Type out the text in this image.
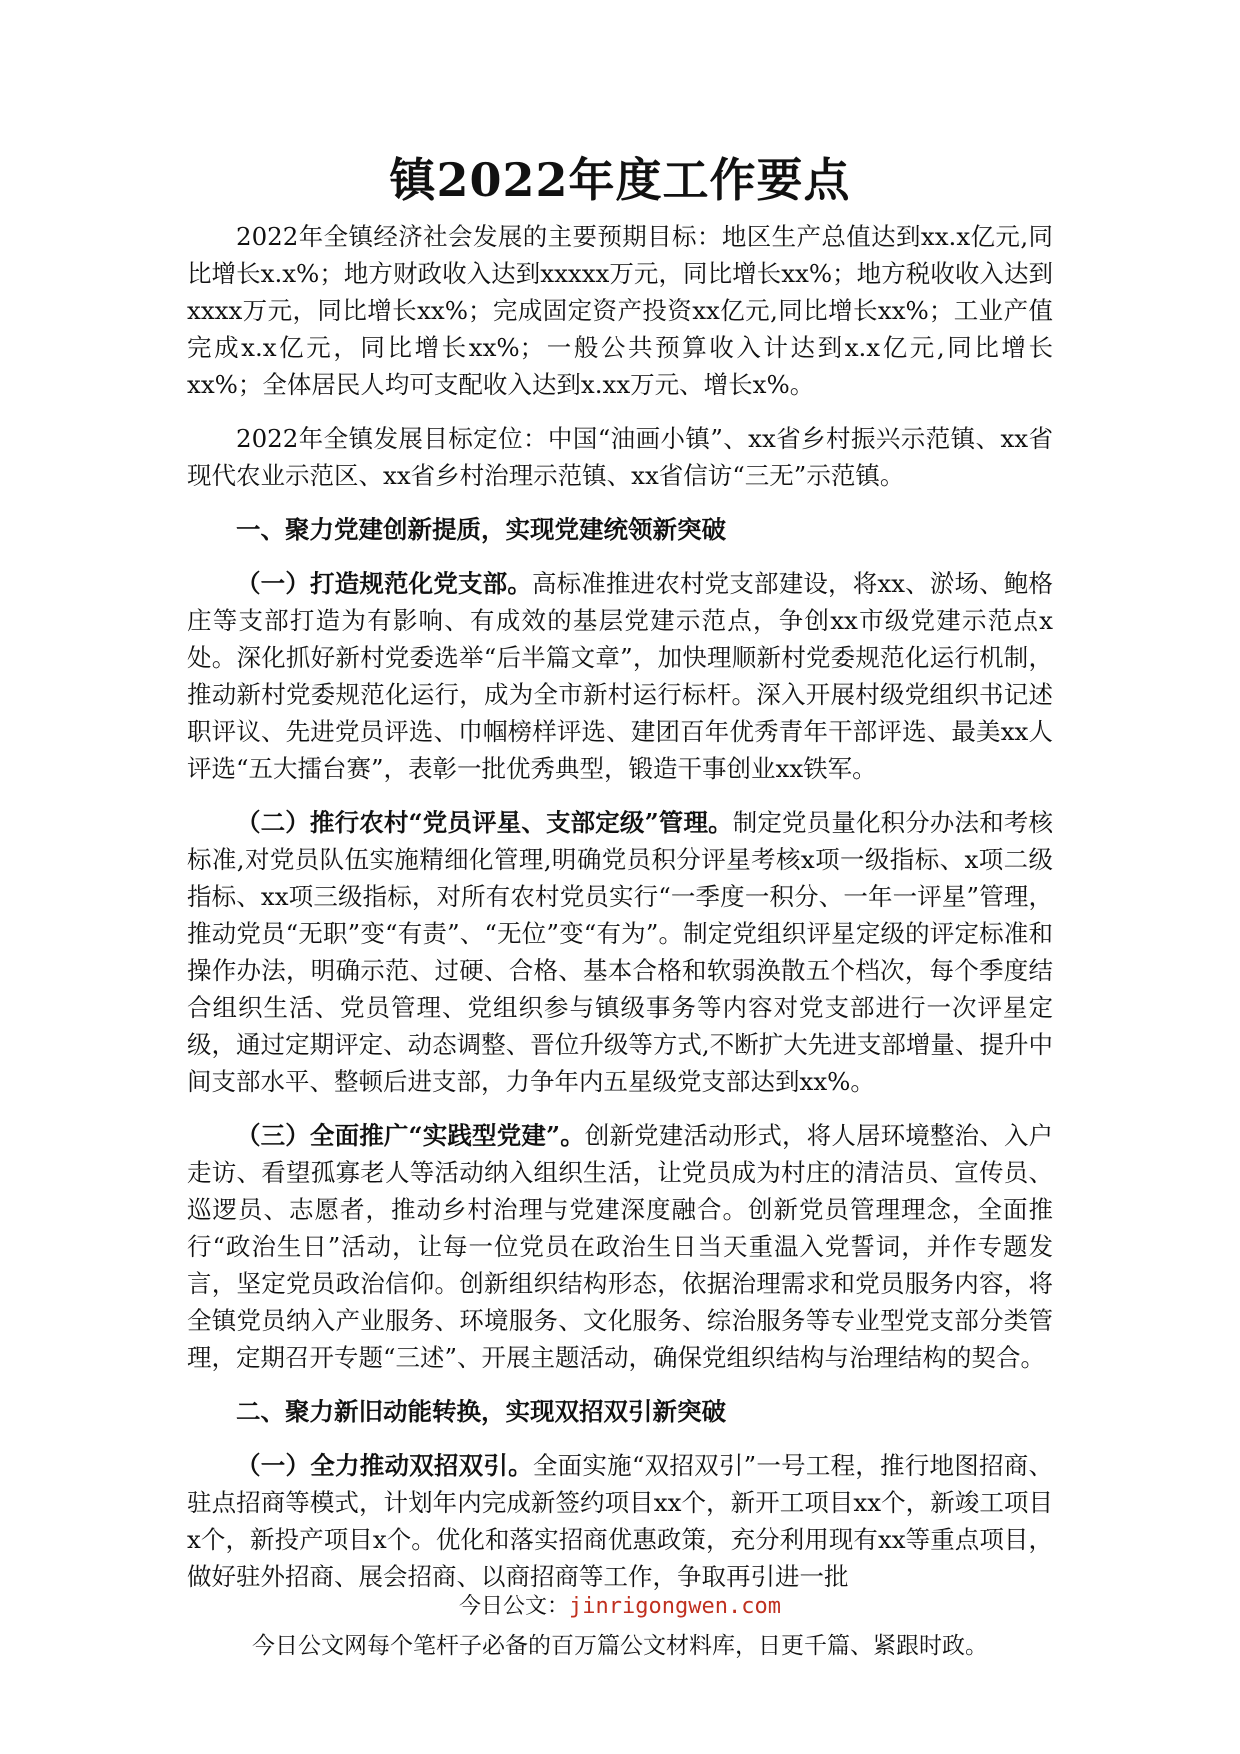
镇2022年度工作要点

2022年全镇经济社会发展的主要预期目标：地区生产总值达到xx.x亿元,同比增长x.x%；地方财政收入达到xxxxx万元，同比增长xx%；地方税收收入达到xxxx万元，同比增长xx%；完成固定资产投资xx亿元,同比增长xx%；工业产值完成x.x亿元，同比增长xx%；一般公共预算收入计达到x.x亿元,同比增长xx%；全体居民人均可支配收入达到x.xx万元、增长x%。

2022年全镇发展目标定位：中国“油画小镇”、xx省乡村振兴示范镇、xx省现代农业示范区、xx省乡村治理示范镇、xx省信访“三无”示范镇。

一、聚力党建创新提质，实现党建统领新突破

（一）打造规范化党支部。高标准推进农村党支部建设，将xx、淤场、鲍格庄等支部打造为有影响、有成效的基层党建示范点，争创xx市级党建示范点x处。深化抓好新村党委选举“后半篇文章”，加快理顺新村党委规范化运行机制，推动新村党委规范化运行，成为全市新村运行标杆。深入开展村级党组织书记述职评议、先进党员评选、巾帼榜样评选、建团百年优秀青年干部评选、最美xx人评选“五大擂台赛”，表彰一批优秀典型，锻造干事创业xx铁军。

（二）推行农村“党员评星、支部定级”管理。制定党员量化积分办法和考核标准,对党员队伍实施精细化管理,明确党员积分评星考核x项一级指标、x项二级指标、xx项三级指标，对所有农村党员实行“一季度一积分、一年一评星”管理，推动党员“无职”变“有责”、“无位”变“有为”。制定党组织评星定级的评定标准和操作办法，明确示范、过硬、合格、基本合格和软弱涣散五个档次，每个季度结合组织生活、党员管理、党组织参与镇级事务等内容对党支部进行一次评星定级，通过定期评定、动态调整、晋位升级等方式,不断扩大先进支部增量、提升中间支部水平、整顿后进支部，力争年内五星级党支部达到xx%。

（三）全面推广“实践型党建”。创新党建活动形式，将人居环境整治、入户走访、看望孤寡老人等活动纳入组织生活，让党员成为村庄的清洁员、宣传员、巡逻员、志愿者，推动乡村治理与党建深度融合。创新党员管理理念，全面推行“政治生日”活动，让每一位党员在政治生日当天重温入党誓词，并作专题发言，坚定党员政治信仰。创新组织结构形态，依据治理需求和党员服务内容，将全镇党员纳入产业服务、环境服务、文化服务、综治服务等专业型党支部分类管理，定期召开专题“三述”、开展主题活动，确保党组织结构与治理结构的契合。

二、聚力新旧动能转换，实现双招双引新突破

（一）全力推动双招双引。全面实施“双招双引”一号工程，推行地图招商、驻点招商等模式，计划年内完成新签约项目xx个，新开工项目xx个，新竣工项目x个，新投产项目x个。优化和落实招商优惠政策，充分利用现有xx等重点项目，做好驻外招商、展会招商、以商招商等工作，争取再引进一批

今日公文：jinrigongwen.com
今日公文网每个笔杆子必备的百万篇公文材料库，日更千篇、紧跟时政。
